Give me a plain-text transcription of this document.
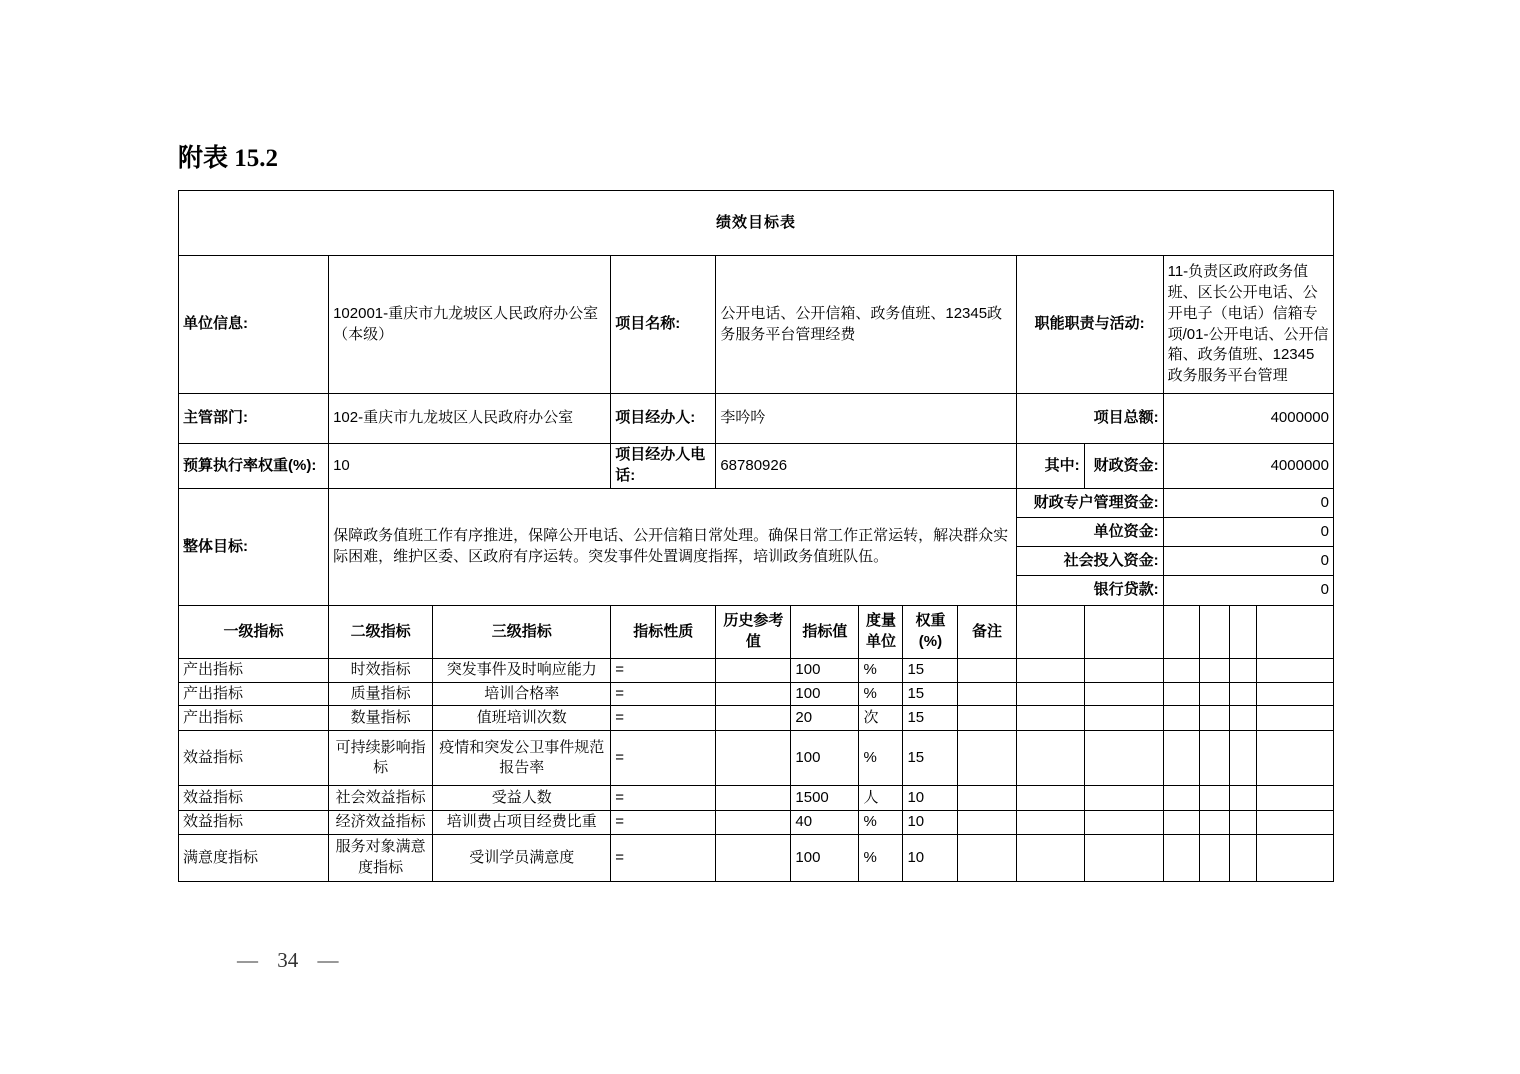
附表 15.2
绩效目标表														
单位信息:	102001-重庆市九龙坡区人民政府办公室（本级）		项目名称:	公开电话、公开信箱、政务值班、12345政务服务平台管理经费					职能职责与活动:		11-负责区政府政务值班、区长公开电话、公开电子（电话）信箱专项/01-公开电话、公开信箱、政务值班、12345政务服务平台管理			
主管部门:	102-重庆市九龙坡区人民政府办公室		项目经办人:	李吟吟					项目总额:		4000000			
预算执行率权重(%):	10		项目经办人电话:	68780926					其中:	财政资金:	4000000			
整体目标:	保障政务值班工作有序推进，保障公开电话、公开信箱日常处理。确保日常工作正常运转，解决群众实际困难，维护区委、区政府有序运转。突发事件处置调度指挥，培训政务值班队伍。								财政专户管理资金:		0			
									单位资金:		0			
									社会投入资金:		0			
									银行贷款:		0			
一级指标	二级指标	三级指标	指标性质	历史参考值	指标值	度量单位	权重(%)	备注						
产出指标	时效指标	突发事件及时响应能力	=		100	%	15							
产出指标	质量指标	培训合格率	=		100	%	15							
产出指标	数量指标	值班培训次数	=		20	次	15							
效益指标	可持续影响指标	疫情和突发公卫事件规范报告率	=		100	%	15							
效益指标	社会效益指标	受益人数	=		1500	人	10							
效益指标	经济效益指标	培训费占项目经费比重	=		40	%	10							
满意度指标	服务对象满意度指标	受训学员满意度	=		100	%	10							
— 34 —
